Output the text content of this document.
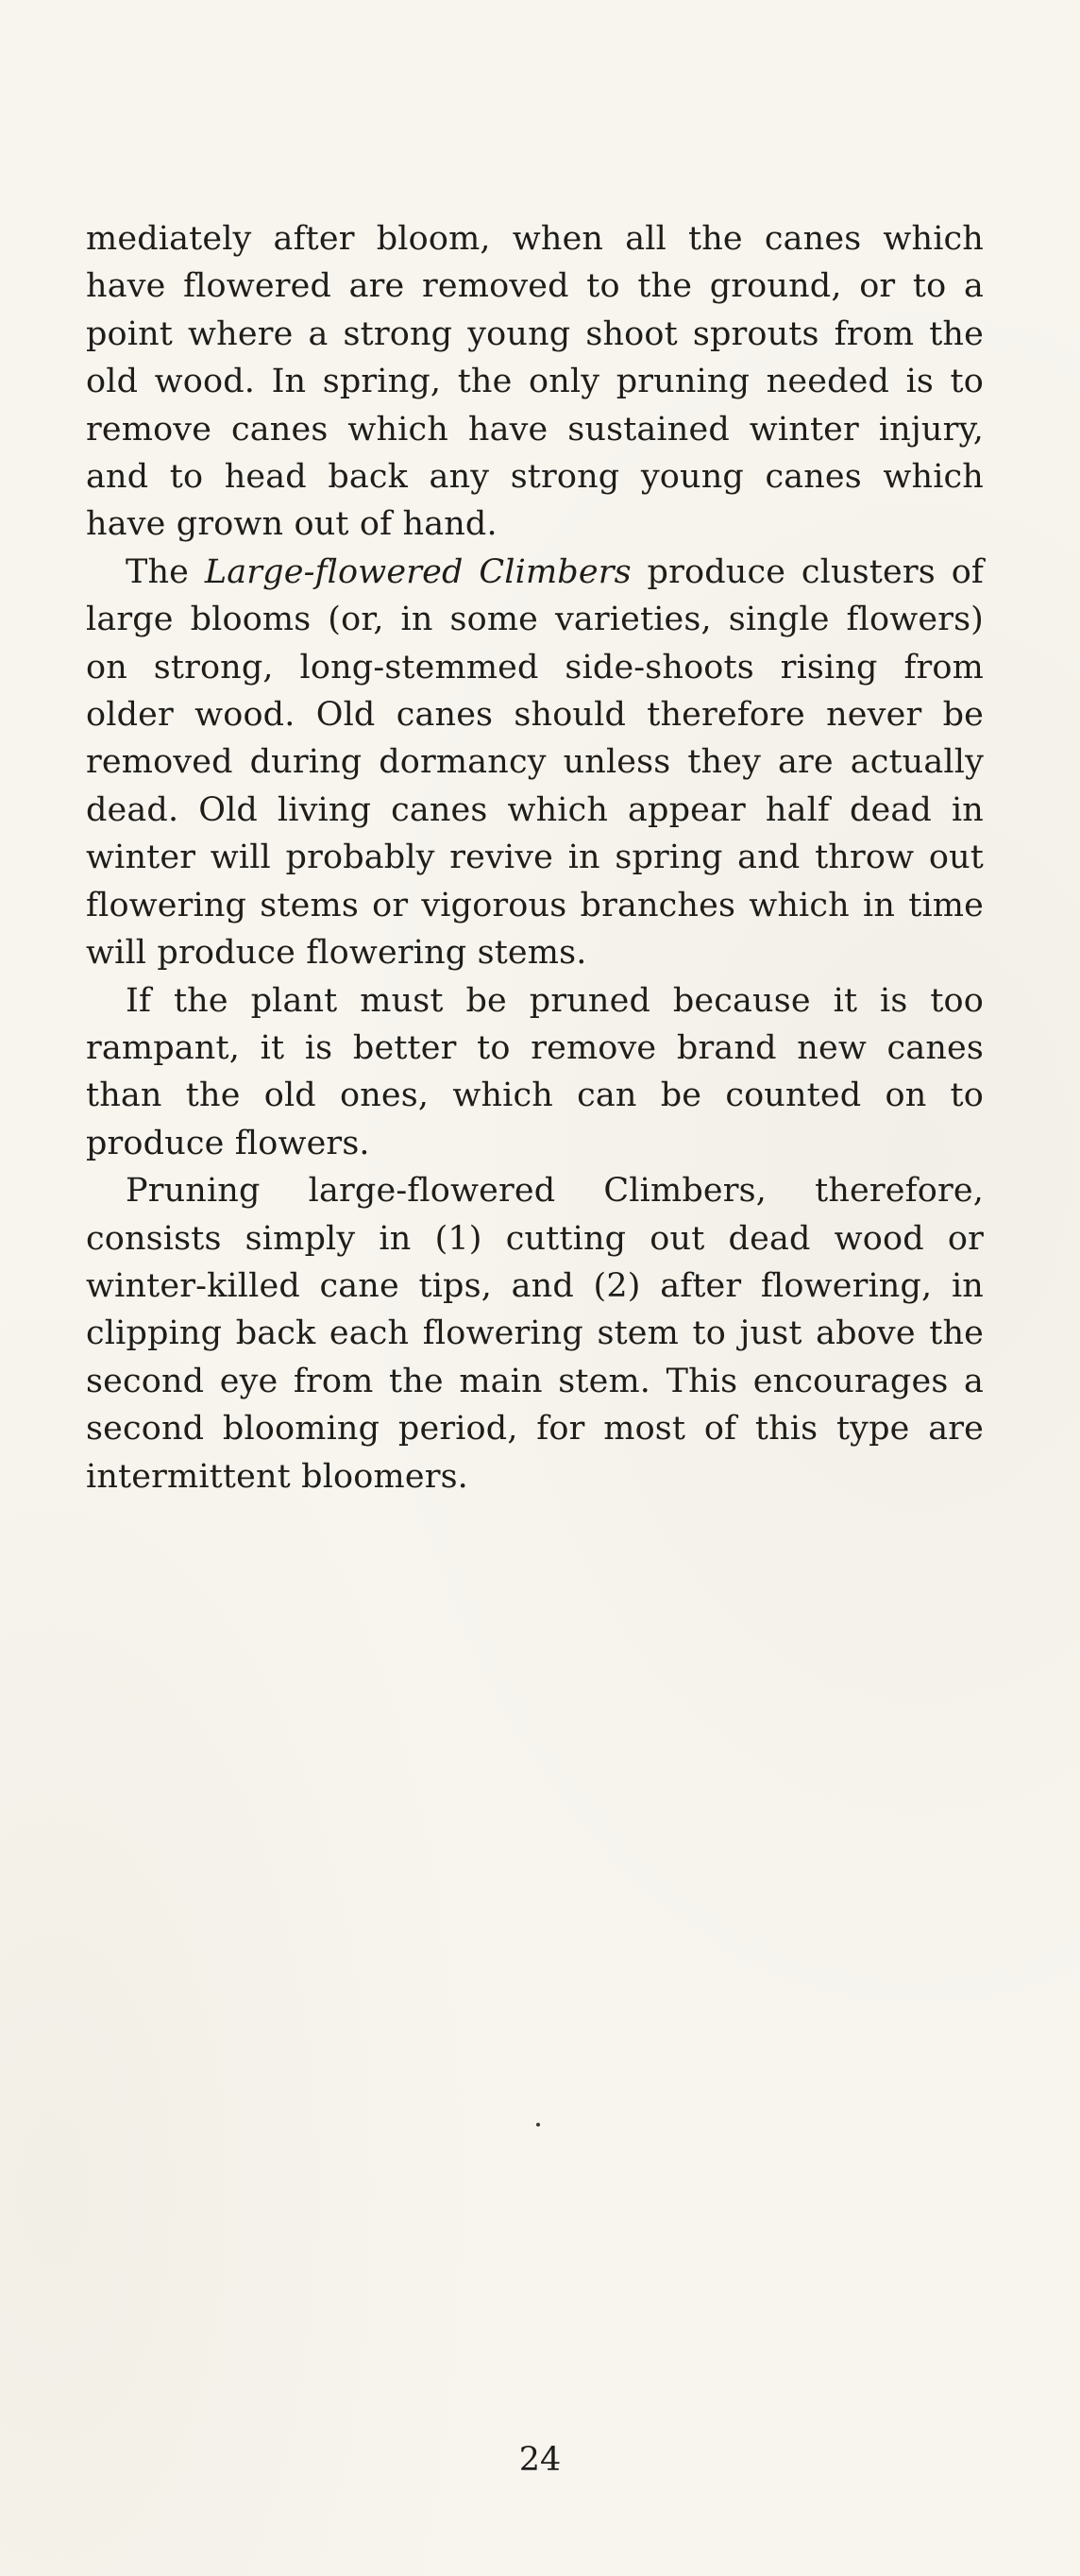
mediately after bloom, when all the canes which have flowered are removed to the ground, or to a point where a strong young shoot sprouts from the old wood. In spring, the only pruning needed is to remove canes which have sustained winter injury, and to head back any strong young canes which have grown out of hand.

The Large-flowered Climbers produce clusters of large blooms (or, in some varieties, single flowers) on strong, long-stemmed side-shoots rising from older wood. Old canes should therefore never be removed during dormancy unless they are actually dead. Old living canes which appear half dead in winter will probably revive in spring and throw out flowering stems or vigorous branches which in time will produce flowering stems.

If the plant must be pruned because it is too rampant, it is better to remove brand new canes than the old ones, which can be counted on to produce flowers.

Pruning large-flowered Climbers, therefore, consists simply in (1) cutting out dead wood or winter-killed cane tips, and (2) after flowering, in clipping back each flowering stem to just above the second eye from the main stem. This encourages a second blooming period, for most of this type are intermittent bloomers.

24
